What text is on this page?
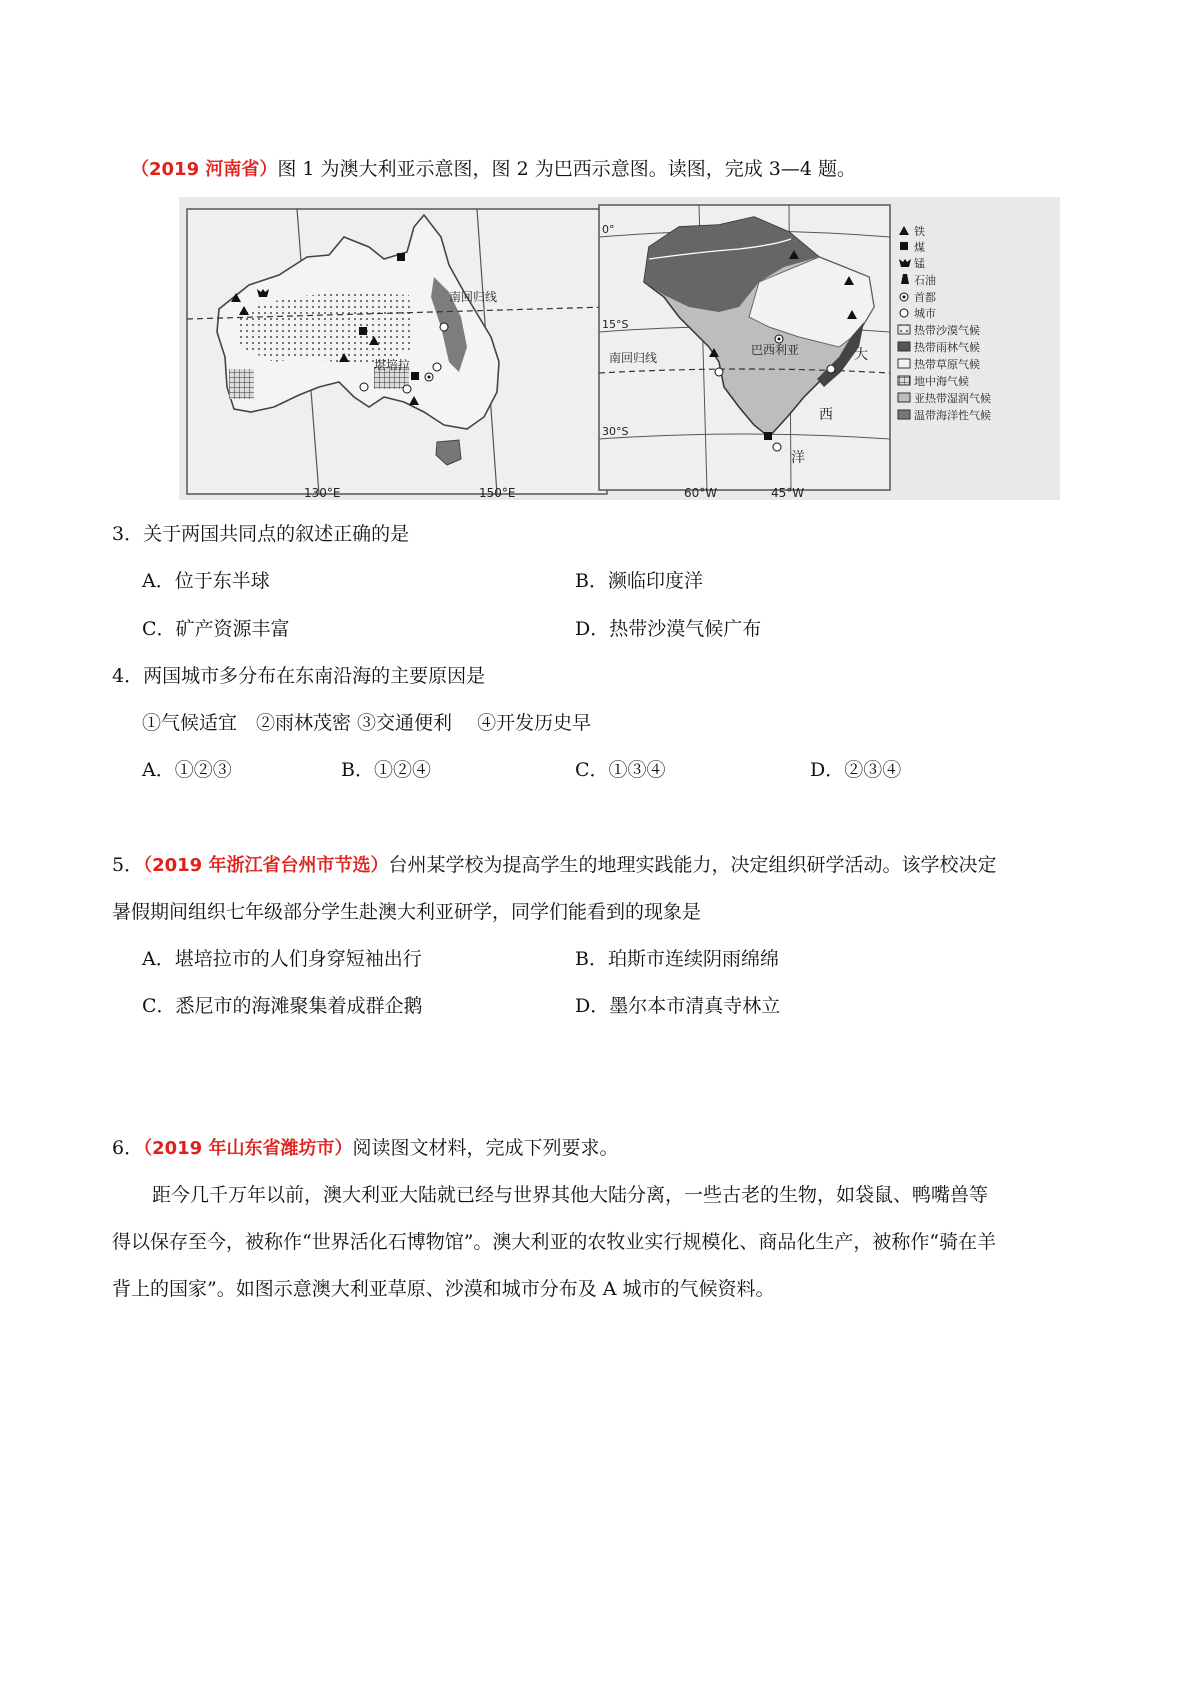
（2019 河南省）图 1 为澳大利亚示意图，图 2 为巴西示意图。读图，完成 3—4 题。
南回归线
堪培拉
130°E	150°E
南回归线
0°
15°S
30°S
60°W	45°W
巴西利亚	大
西
洋
铁
煤
锰
石油
首都
城市
热带沙漠气候
热带雨林气候
热带草原气候
地中海气候
亚热带湿润气候
温带海洋性气候
3．关于两国共同点的叙述正确的是
A．位于东半球	B．濒临印度洋
C．矿产资源丰富	D．热带沙漠气候广布
4．两国城市多分布在东南沿海的主要原因是
①气候适宜　②雨林茂密 ③交通便利　 ④开发历史早
A．①②③	B．①②④	C．①③④	D．②③④
5．（2019 年浙江省台州市节选）台州某学校为提高学生的地理实践能力，决定组织研学活动。该学校决定
暑假期间组织七年级部分学生赴澳大利亚研学，同学们能看到的现象是
A．堪培拉市的人们身穿短袖出行	B．珀斯市连续阴雨绵绵
C．悉尼市的海滩聚集着成群企鹅	D．墨尔本市清真寺林立
6．（2019 年山东省潍坊市）阅读图文材料，完成下列要求。
距今几千万年以前，澳大利亚大陆就已经与世界其他大陆分离，一些古老的生物，如袋鼠、鸭嘴兽等
得以保存至今，被称作“世界活化石博物馆”。澳大利亚的农牧业实行规模化、商品化生产，被称作“骑在羊
背上的国家”。如图示意澳大利亚草原、沙漠和城市分布及 A 城市的气候资料。
